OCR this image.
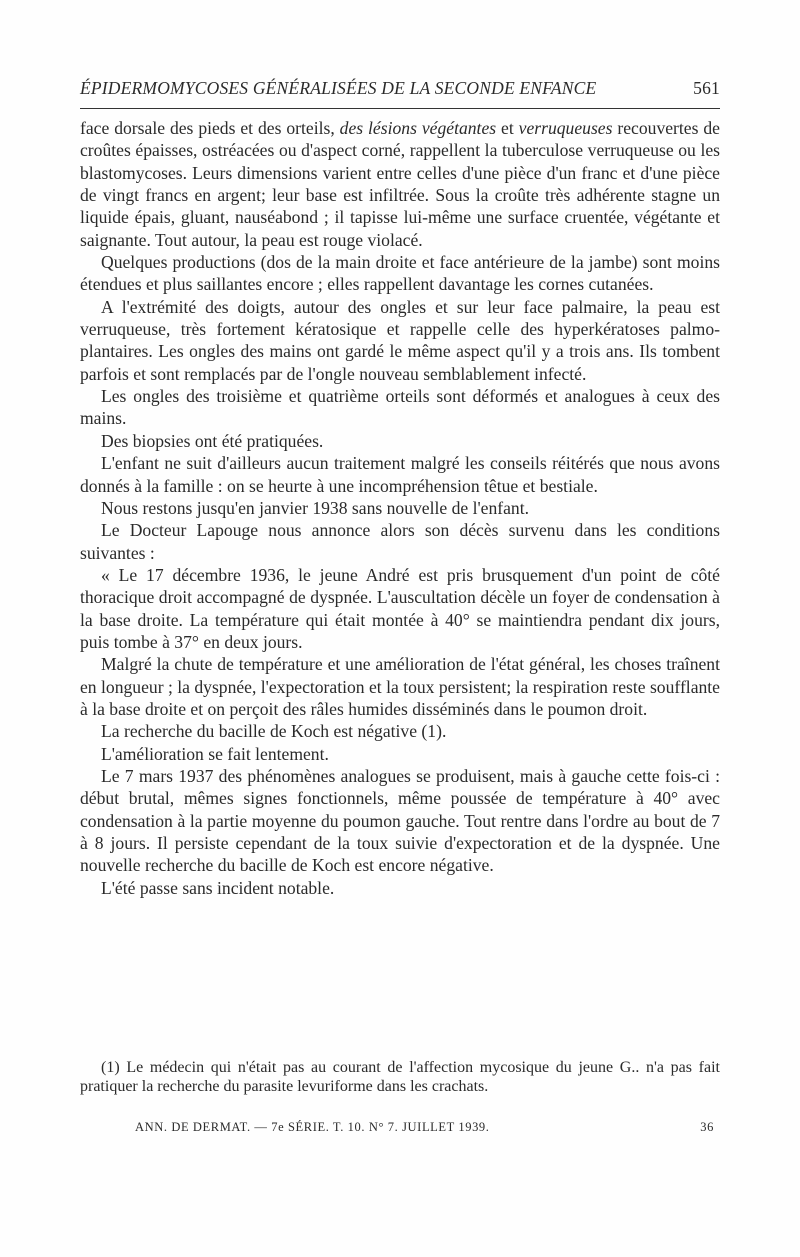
ÉPIDERMOMYCOSES GÉNÉRALISÉES DE LA SECONDE ENFANCE	561

face dorsale des pieds et des orteils, des lésions végétantes et verruqueuses recouvertes de croûtes épaisses, ostréacées ou d'aspect corné, rappellent la tuberculose verruqueuse ou les blastomycoses. Leurs dimensions varient entre celles d'une pièce d'un franc et d'une pièce de vingt francs en argent; leur base est infiltrée. Sous la croûte très adhérente stagne un liquide épais, gluant, nauséabond ; il tapisse lui-même une surface cruentée, végétante et saignante. Tout autour, la peau est rouge violacé.

Quelques productions (dos de la main droite et face antérieure de la jambe) sont moins étendues et plus saillantes encore ; elles rappellent davantage les cornes cutanées.

A l'extrémité des doigts, autour des ongles et sur leur face palmaire, la peau est verruqueuse, très fortement kératosique et rappelle celle des hyperkératoses palmo-plantaires. Les ongles des mains ont gardé le même aspect qu'il y a trois ans. Ils tombent parfois et sont remplacés par de l'ongle nouveau semblablement infecté.

Les ongles des troisième et quatrième orteils sont déformés et analogues à ceux des mains.

Des biopsies ont été pratiquées.

L'enfant ne suit d'ailleurs aucun traitement malgré les conseils réitérés que nous avons donnés à la famille : on se heurte à une incompréhension têtue et bestiale.

Nous restons jusqu'en janvier 1938 sans nouvelle de l'enfant.

Le Docteur Lapouge nous annonce alors son décès survenu dans les conditions suivantes :

« Le 17 décembre 1936, le jeune André est pris brusquement d'un point de côté thoracique droit accompagné de dyspnée. L'auscultation décèle un foyer de condensation à la base droite. La température qui était montée à 40° se maintiendra pendant dix jours, puis tombe à 37° en deux jours.

Malgré la chute de température et une amélioration de l'état général, les choses traînent en longueur ; la dyspnée, l'expectoration et la toux persistent; la respiration reste soufflante à la base droite et on perçoit des râles humides disséminés dans le poumon droit.

La recherche du bacille de Koch est négative (1).

L'amélioration se fait lentement.

Le 7 mars 1937 des phénomènes analogues se produisent, mais à gauche cette fois-ci : début brutal, mêmes signes fonctionnels, même poussée de température à 40° avec condensation à la partie moyenne du poumon gauche. Tout rentre dans l'ordre au bout de 7 à 8 jours. Il persiste cependant de la toux suivie d'expectoration et de la dyspnée. Une nouvelle recherche du bacille de Koch est encore négative.

L'été passe sans incident notable.

(1) Le médecin qui n'était pas au courant de l'affection mycosique du jeune G.. n'a pas fait pratiquer la recherche du parasite levuriforme dans les crachats.

ANN. DE DERMAT. — 7e SÉRIE. T. 10. N° 7. JUILLET 1939.	36
